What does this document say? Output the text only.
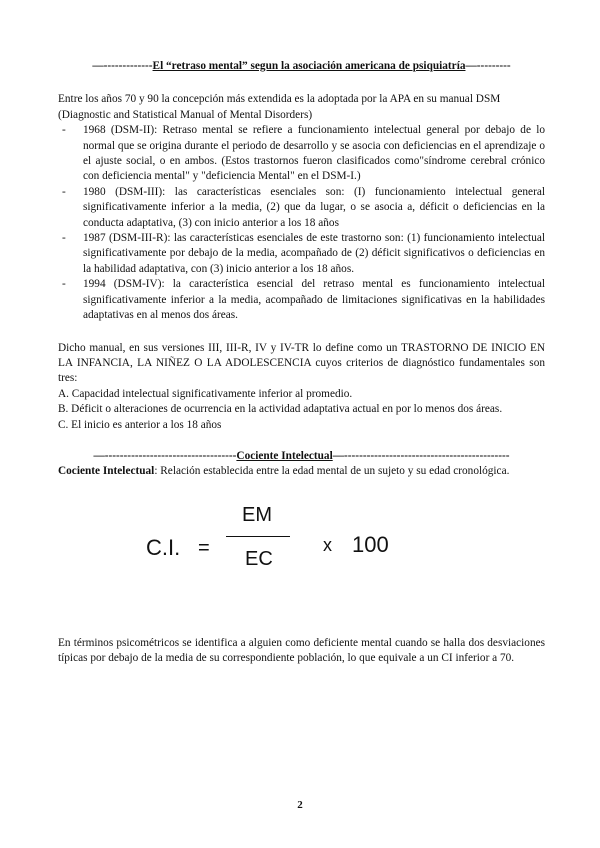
—-------------El “retraso mental” segun la asociación americana de psiquiatría—---------

Entre los años 70 y 90 la concepción más extendida es la adoptada por la APA en su manual DSM (Diagnostic and Statistical Manual of Mental Disorders)

- 1968 (DSM-II): Retraso mental se refiere a funcionamiento intelectual general por debajo de lo normal que se origina durante el periodo de desarrollo y se asocia con deficiencias en el aprendizaje o el ajuste social, o en ambos. (Estos trastornos fueron clasificados como"síndrome cerebral crónico con deficiencia mental" y "deficiencia Mental" en el DSM-I.)
- 1980 (DSM-III): las características esenciales son: (I) funcionamiento intelectual general significativamente inferior a la media, (2) que da lugar, o se asocia a, déficit o deficiencias en la conducta adaptativa, (3) con inicio anterior a los 18 años
- 1987 (DSM-III-R): las características esenciales de este trastorno son: (1) funcionamiento intelectual significativamente por debajo de la media, acompañado de (2) déficit significativos o deficiencias en la habilidad adaptativa, con (3) inicio anterior a los 18 años.
- 1994 (DSM-IV): la característica esencial del retraso mental es funcionamiento intelectual significativamente inferior a la media, acompañado de limitaciones significativas en la habilidades adaptativas en al menos dos áreas.

Dicho manual, en sus versiones III, III-R, IV y IV-TR lo define como un TRASTORNO DE INICIO EN LA INFANCIA, LA NIÑEZ O LA ADOLESCENCIA cuyos criterios de diagnóstico fundamentales son tres:

A. Capacidad intelectual significativamente inferior al promedio.

B. Déficit o alteraciones de ocurrencia en la actividad adaptativa actual en por lo menos dos áreas.

C. El inicio es anterior a los 18 años

—-----------------------------------Cociente Intelectual—--------------------------------------------

Cociente Intelectual: Relación establecida entre la edad mental de un sujeto y su edad cronológica.

C.I. =
EM
EC
x 100

En términos psicométricos se identifica a alguien como deficiente mental cuando se halla dos desviaciones típicas por debajo de la media de su correspondiente población, lo que equivale a un CI inferior a 70.

2
